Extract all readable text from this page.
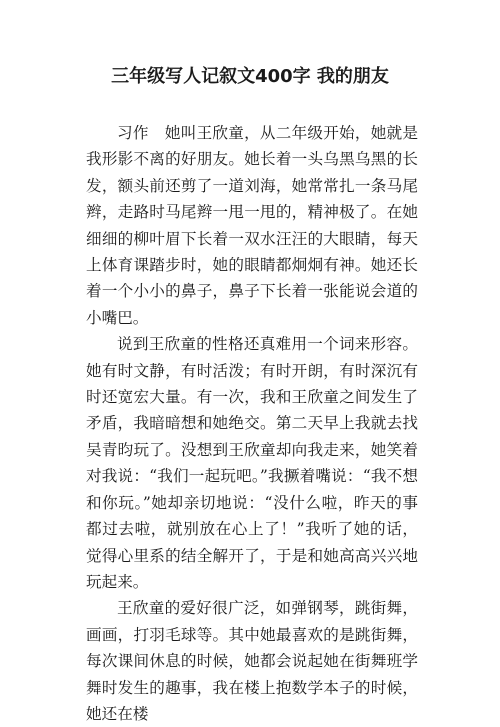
三年级写人记叙文400字 我的朋友

习作 她叫王欣童，从二年级开始，她就是我形影不离的好朋友。她长着一头乌黑乌黑的长发，额头前还剪了一道刘海，她常常扎一条马尾辫，走路时马尾辫一甩一甩的，精神极了。在她细细的柳叶眉下长着一双水汪汪的大眼睛，每天上体育课踏步时，她的眼睛都炯炯有神。她还长着一个小小的鼻子，鼻子下长着一张能说会道的小嘴巴。

说到王欣童的性格还真难用一个词来形容。她有时文静，有时活泼；有时开朗，有时深沉有时还宽宏大量。有一次，我和王欣童之间发生了矛盾，我暗暗想和她绝交。第二天早上我就去找吴青昀玩了。没想到王欣童却向我走来，她笑着对我说：“我们一起玩吧。”我撅着嘴说：“我不想和你玩。”她却亲切地说：“没什么啦，昨天的事都过去啦，就别放在心上了！”我听了她的话，觉得心里系的结全解开了，于是和她高高兴兴地玩起来。

王欣童的爱好很广泛，如弹钢琴，跳街舞，画画，打羽毛球等。其中她最喜欢的是跳街舞，每次课间休息的时候，她都会说起她在街舞班学舞时发生的趣事，我在楼上抱数学本子的时候，她还在楼
